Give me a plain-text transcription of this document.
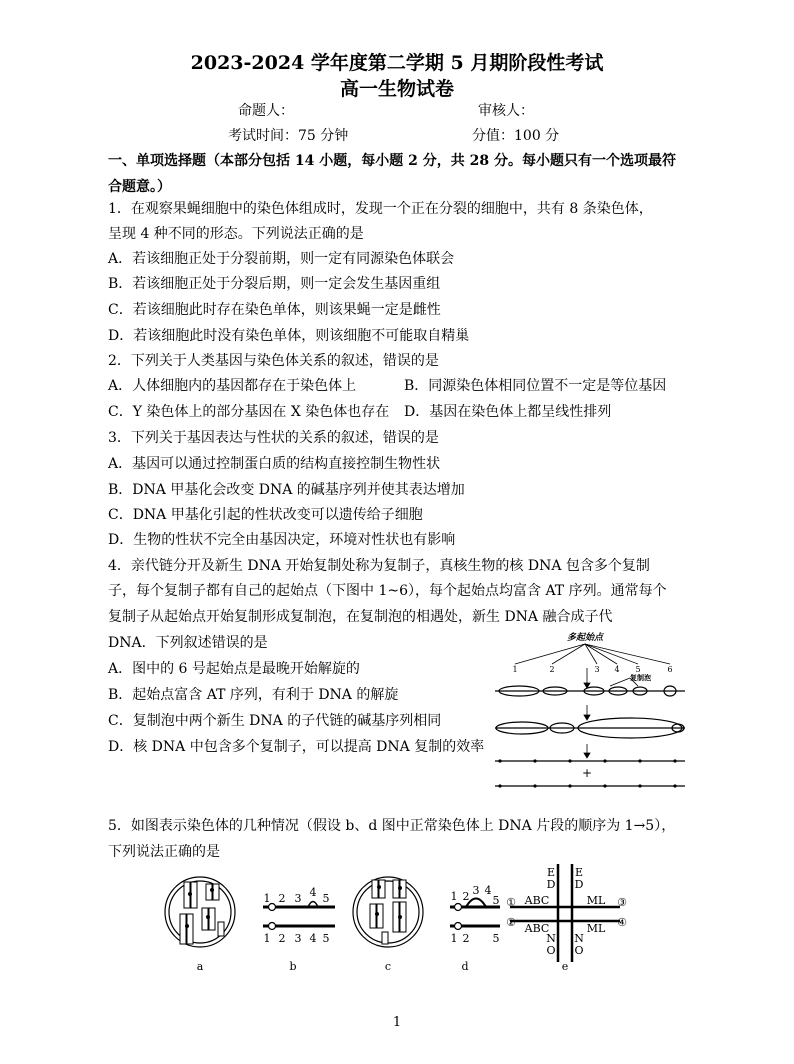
2023-2024 学年度第二学期 5 月期阶段性考试
高一生物试卷
命题人：	审核人：
考试时间：75 分钟	分值：100 分
一、单项选择题（本部分包括 14 小题，每小题 2 分，共 28 分。每小题只有一个选项最符
合题意。）
1．在观察果蝇细胞中的染色体组成时，发现一个正在分裂的细胞中，共有 8 条染色体，
呈现 4 种不同的形态。下列说法正确的是
A．若该细胞正处于分裂前期，则一定有同源染色体联会
B．若该细胞正处于分裂后期，则一定会发生基因重组
C．若该细胞此时存在染色单体，则该果蝇一定是雌性
D．若该细胞此时没有染色单体，则该细胞不可能取自精巢
2．下列关于人类基因与染色体关系的叙述，错误的是
A．人体细胞内的基因都存在于染色体上	B．同源染色体相同位置不一定是等位基因
C．Y 染色体上的部分基因在 X 染色体也存在 D．基因在染色体上都呈线性排列
3．下列关于基因表达与性状的关系的叙述，错误的是
A．基因可以通过控制蛋白质的结构直接控制生物性状
B．DNA 甲基化会改变 DNA 的碱基序列并使其表达增加
C．DNA 甲基化引起的性状改变可以遗传给子细胞
D．生物的性状不完全由基因决定，环境对性状也有影响
4．亲代链分开及新生 DNA 开始复制处称为复制子，真核生物的核 DNA 包含多个复制
子，每个复制子都有自己的起始点（下图中 1~6），每个起始点均富含 AT 序列。通常每个
复制子从起始点开始复制形成复制泡，在复制泡的相遇处，新生 DNA 融合成子代
DNA．下列叙述错误的是
A．图中的 6 号起始点是最晚开始解旋的
B．起始点富含 AT 序列，有利于 DNA 的解旋
C．复制泡中两个新生 DNA 的子代链的碱基序列相同
D．核 DNA 中包含多个复制子，可以提高 DNA 复制的效率
多起始点
1	2	3 4 5	6
复制泡
+
5．如图表示染色体的几种情况（假设 b、d 图中正常染色体上 DNA 片段的顺序为 1→5），
下列说法正确的是
1 2 3 4 5
1 2 3 4 5
1 2 3 4
5
1 2 5
①
②
③
④
ABC
ABC
ML
ML
E
D
E
D
N
O
N
O
a	b	c	d	e
1
